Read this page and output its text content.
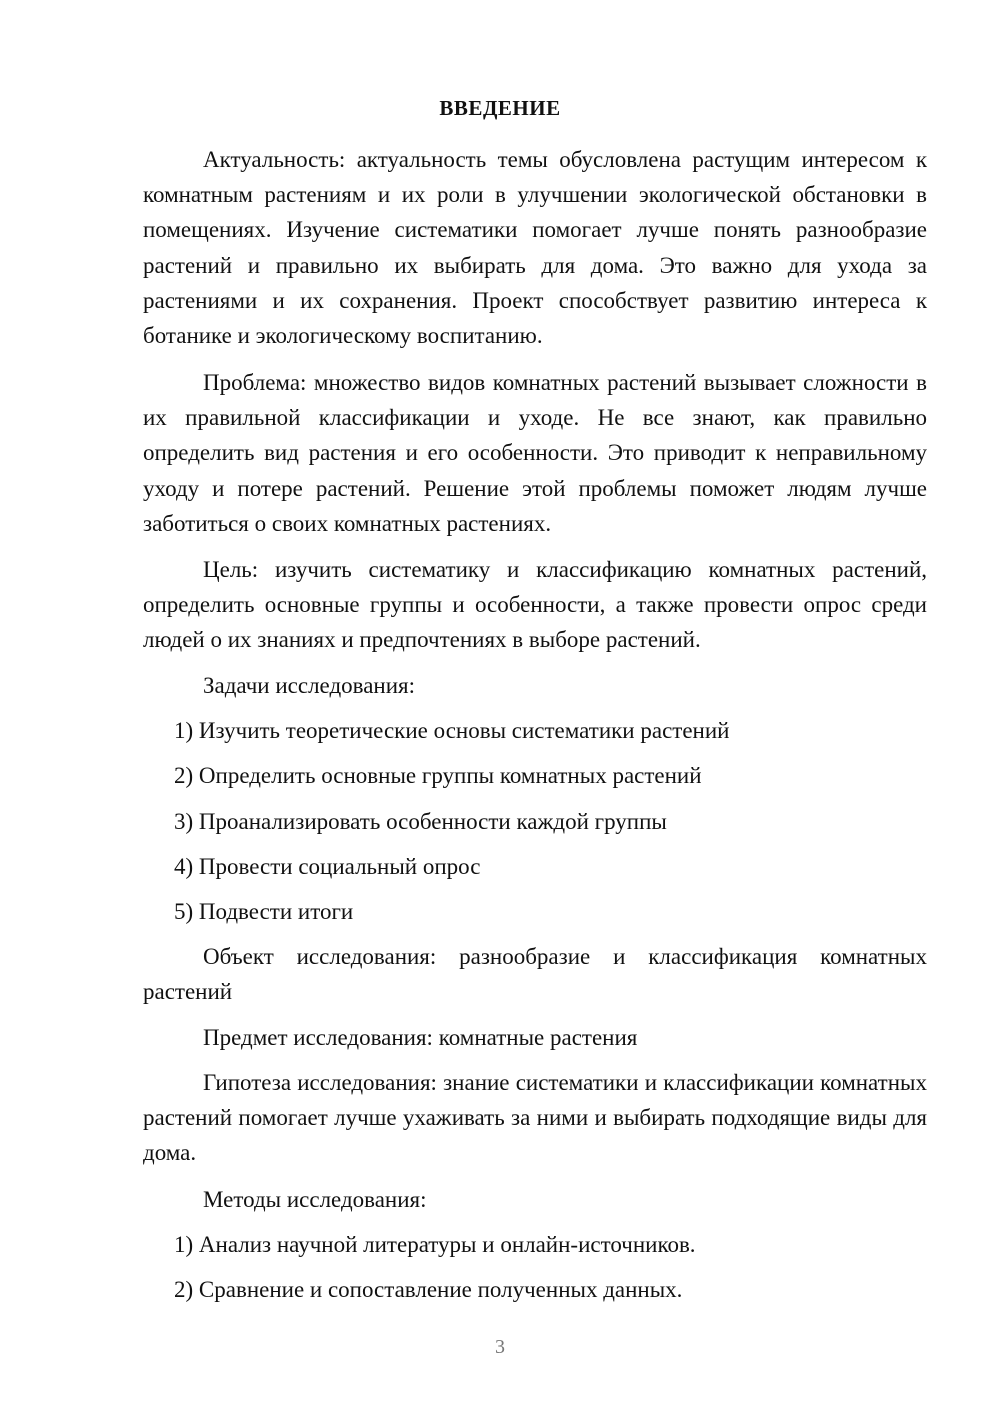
ВВЕДЕНИЕ

Актуальность: актуальность темы обусловлена растущим интересом к комнатным растениям и их роли в улучшении экологической обстановки в помещениях. Изучение систематики помогает лучше понять разнообразие растений и правильно их выбирать для дома. Это важно для ухода за растениями и их сохранения. Проект способствует развитию интереса к ботанике и экологическому воспитанию.

Проблема: множество видов комнатных растений вызывает сложности в их правильной классификации и уходе. Не все знают, как правильно определить вид растения и его особенности. Это приводит к неправильному уходу и потере растений. Решение этой проблемы поможет людям лучше заботиться о своих комнатных растениях.

Цель: изучить систематику и классификацию комнатных растений, определить основные группы и особенности, а также провести опрос среди людей о их знаниях и предпочтениях в выборе растений.

Задачи исследования:

1) Изучить теоретические основы систематики растений

2) Определить основные группы комнатных растений

3) Проанализировать особенности каждой группы

4) Провести социальный опрос

5) Подвести итоги

Объект исследования: разнообразие и классификация комнатных растений

Предмет исследования: комнатные растения

Гипотеза исследования: знание систематики и классификации комнатных растений помогает лучше ухаживать за ними и выбирать подходящие виды для дома.

Методы исследования:

1) Анализ научной литературы и онлайн-источников.

2) Сравнение и сопоставление полученных данных.

3
